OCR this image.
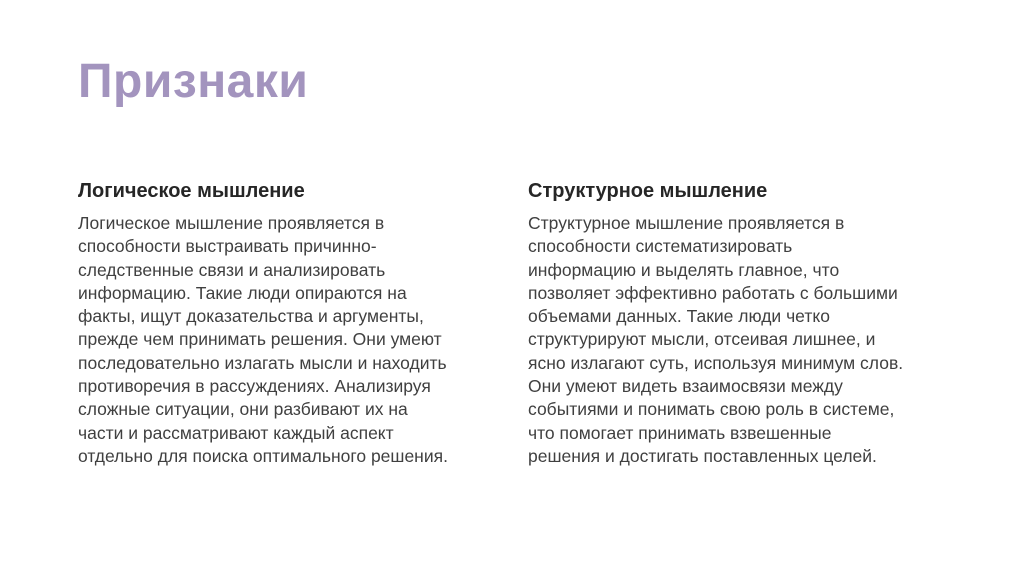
Признаки
Логическое мышление

Логическое мышление проявляется в
способности выстраивать причинно-
следственные связи и анализировать
информацию. Такие люди опираются на
факты, ищут доказательства и аргументы,
прежде чем принимать решения. Они умеют
последовательно излагать мысли и находить
противоречия в рассуждениях. Анализируя
сложные ситуации, они разбивают их на
части и рассматривают каждый аспект
отдельно для поиска оптимального решения.

Структурное мышление

Структурное мышление проявляется в
способности систематизировать
информацию и выделять главное, что
позволяет эффективно работать с большими
объемами данных. Такие люди четко
структурируют мысли, отсеивая лишнее, и
ясно излагают суть, используя минимум слов.
Они умеют видеть взаимосвязи между
событиями и понимать свою роль в системе,
что помогает принимать взвешенные
решения и достигать поставленных целей.
